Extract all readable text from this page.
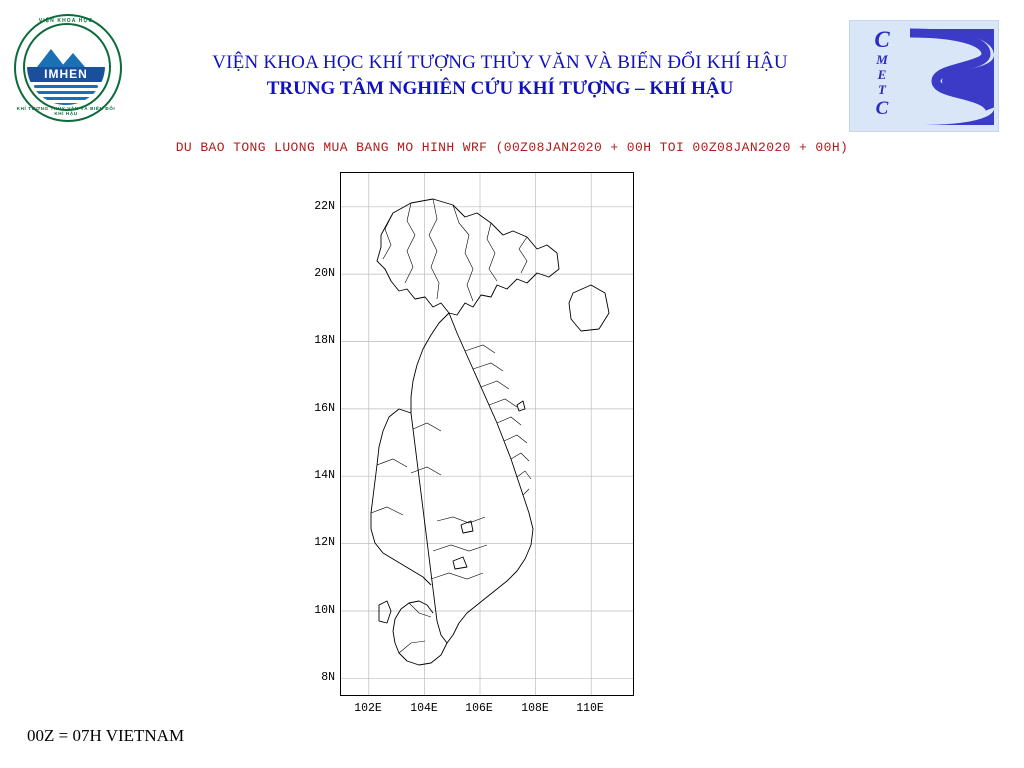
VIỆN KHOA HỌC
IMHEN
KHÍ TƯỢNG THỦY VĂN VÀ BIẾN ĐỔI KHÍ HẬU
VIỆN KHOA HỌC KHÍ TƯỢNG THỦY VĂN VÀ BIẾN ĐỔI KHÍ HẬU
TRUNG TÂM NGHIÊN CỨU KHÍ TƯỢNG – KHÍ HẬU
C
M
E
T
C
DU BAO TONG LUONG MUA BANG MO HINH WRF (00Z08JAN2020 + 00H TOI 00Z08JAN2020 + 00H)
8N
10N
12N
14N
16N
18N
20N
22N
102E	104E	106E	108E	110E
00Z = 07H VIETNAM
